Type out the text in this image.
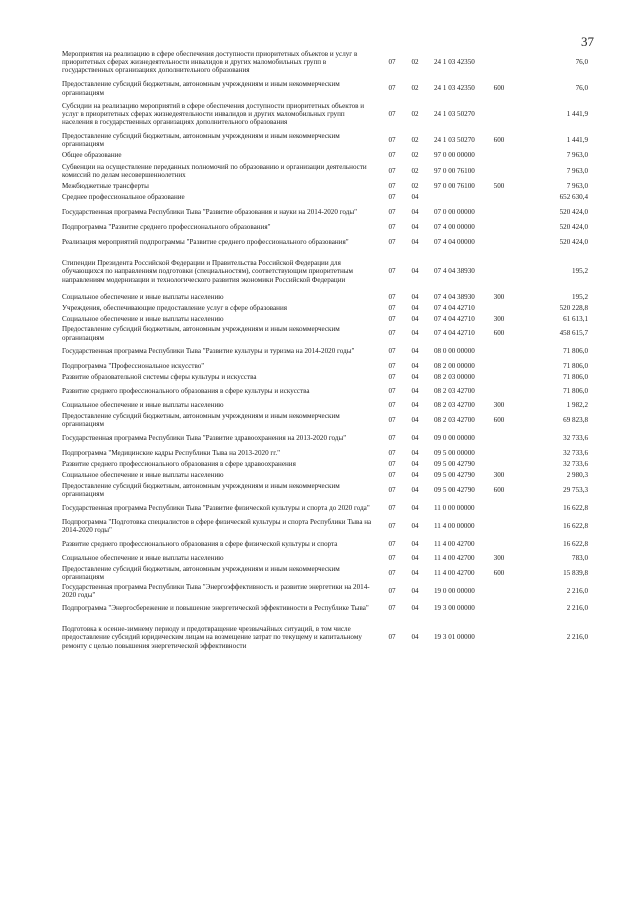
37
Мероприятия на реализацию в сфере обеспечения доступности приоритетных объектов и услуг в приоритетных сферах жизнедеятельности инвалидов и других маломобильных групп в государственных организациях дополнительного образования	07	02	24 1 03 42350		76,0
Предоставление субсидий бюджетным, автономным учреждениям и иным некоммерческим организациям	07	02	24 1 03 42350	600	76,0
Субсидии на реализацию мероприятий в сфере обеспечения доступности приоритетных объектов и услуг в приоритетных сферах жизнедеятельности инвалидов и других маломобильных групп населения в государственных организациях дополнительного образования	07	02	24 1 03 50270		1 441,9
Предоставление субсидий бюджетным, автономным учреждениям и иным некоммерческим организациям	07	02	24 1 03 50270	600	1 441,9
Общее образование	07	02	97 0 00 00000		7 963,0
Субвенции на осуществление переданных полномочий по образованию и организации деятельности комиссий по делам несовершеннолетних	07	02	97 0 00 76100		7 963,0
Межбюджетные трансферты	07	02	97 0 00 76100	500	7 963,0
Среднее профессиональное образование	07	04			652 630,4
Государственная программа Республики Тыва "Развитие образования и науки на 2014-2020 годы"	07	04	07 0 00 00000		520 424,0
Подпрограмма "Развитие среднего профессионального образования"	07	04	07 4 00 00000		520 424,0
Реализация мероприятий подпрограммы "Развитие среднего профессионального образования"	07	04	07 4 04 00000		520 424,0
Стипендии Президента Российской Федерации и Правительства Российской Федерации для обучающихся по направлениям подготовки (специальностям), соответствующим приоритетным направлениям модернизации и технологического развития экономики Российской Федерации	07	04	07 4 04 38930		195,2
Социальное обеспечение и иные выплаты населению	07	04	07 4 04 38930	300	195,2
Учреждения, обеспечивающие предоставление услуг в сфере образования	07	04	07 4 04 42710		520 228,8
Социальное обеспечение и иные выплаты населению	07	04	07 4 04 42710	300	61 613,1
Предоставление субсидий бюджетным, автономным учреждениям и иным некоммерческим организациям	07	04	07 4 04 42710	600	458 615,7
Государственная программа Республики Тыва "Развитие культуры и туризма на 2014-2020 годы"	07	04	08 0 00 00000		71 806,0
Подпрограмма "Профессиональное искусство"	07	04	08 2 00 00000		71 806,0
Развитие образовательной системы сферы культуры и искусства	07	04	08 2 03 00000		71 806,0
Развитие среднего профессионального образования в сфере культуры и искусства	07	04	08 2 03 42700		71 806,0
Социальное обеспечение и иные выплаты населению	07	04	08 2 03 42700	300	1 982,2
Предоставление субсидий бюджетным, автономным учреждениям и иным некоммерческим организациям	07	04	08 2 03 42700	600	69 823,8
Государственная программа Республики Тыва "Развитие здравоохранения на 2013-2020 годы"	07	04	09 0 00 00000		32 733,6
Подпрограмма "Медицинские кадры Республики Тыва на 2013-2020 гг."	07	04	09 5 00 00000		32 733,6
Развитие среднего профессионального образования в сфере здравоохранения	07	04	09 5 00 42790		32 733,6
Социальное обеспечение и иные выплаты населению	07	04	09 5 00 42790	300	2 980,3
Предоставление субсидий бюджетным, автономным учреждениям и иным некоммерческим организациям	07	04	09 5 00 42790	600	29 753,3
Государственная программа Республики Тыва "Развитие физической культуры и спорта до 2020 года"	07	04	11 0 00 00000		16 622,8
Подпрограмма "Подготовка специалистов в сфере физической культуры и спорта Республики Тыва на 2014-2020 годы"	07	04	11 4 00 00000		16 622,8
Развитие среднего профессионального образования в сфере физической культуры и спорта	07	04	11 4 00 42700		16 622,8
Социальное обеспечение и иные выплаты населению	07	04	11 4 00 42700	300	783,0
Предоставление субсидий бюджетным, автономным учреждениям и иным некоммерческим организациям	07	04	11 4 00 42700	600	15 839,8
Государственная программа Республики Тыва "Энергоэффективность и развитие энергетики на 2014-2020 годы"	07	04	19 0 00 00000		2 216,0
Подпрограмма "Энергосбережение и повышение энергетической эффективности в Республике Тыва"	07	04	19 3 00 00000		2 216,0
Подготовка к осенне-зимнему периоду и предотвращение чрезвычайных ситуаций, в том числе предоставление субсидий юридическим лицам на возмещение затрат по текущему и капитальному ремонту с целью повышения энергетической эффективности	07	04	19 3 01 00000		2 216,0
